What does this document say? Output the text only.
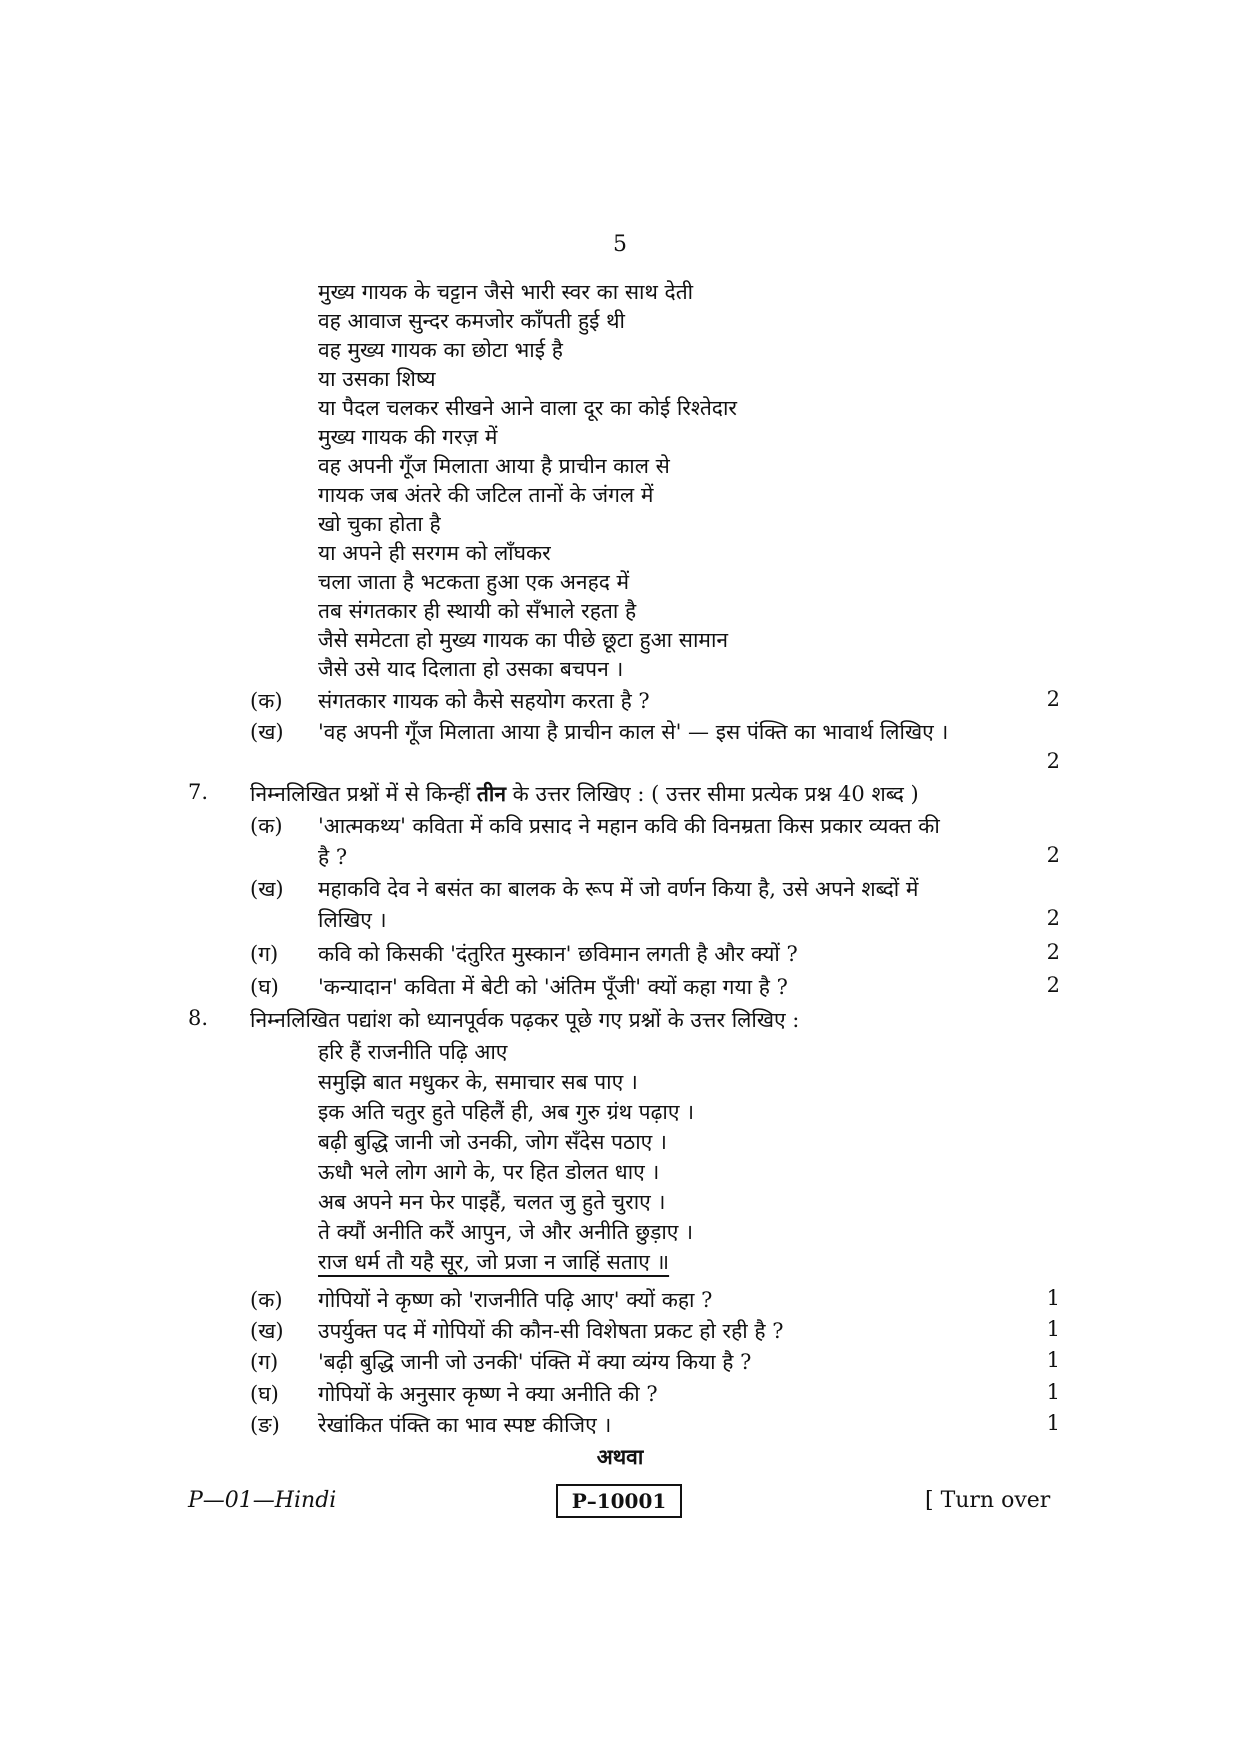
5
मुख्य गायक के चट्टान जैसे भारी स्वर का साथ देती
वह आवाज सुन्दर कमजोर काँपती हुई थी
वह मुख्य गायक का छोटा भाई है
या उसका शिष्य
या पैदल चलकर सीखने आने वाला दूर का कोई रिश्तेदार
मुख्य गायक की गरज़ में
वह अपनी गूँज मिलाता आया है प्राचीन काल से
गायक जब अंतरे की जटिल तानों के जंगल में
खो चुका होता है
या अपने ही सरगम को लाँघकर
चला जाता है भटकता हुआ एक अनहद में
तब संगतकार ही स्थायी को सँभाले रहता है
जैसे समेटता हो मुख्य गायक का पीछे छूटा हुआ सामान
जैसे उसे याद दिलाता हो उसका बचपन ।
(क) संगतकार गायक को कैसे सहयोग करता है ?	2
(ख) 'वह अपनी गूँज मिलाता आया है प्राचीन काल से' — इस पंक्ति का भावार्थ लिखिए ।
2
7. निम्नलिखित प्रश्नों में से किन्हीं तीन के उत्तर लिखिए : ( उत्तर सीमा प्रत्येक प्रश्न 40 शब्द )
(क) 'आत्मकथ्य' कविता में कवि प्रसाद ने महान कवि की विनम्रता किस प्रकार व्यक्त की
है ?	2
(ख) महाकवि देव ने बसंत का बालक के रूप में जो वर्णन किया है, उसे अपने शब्दों में
लिखिए ।	2
(ग) कवि को किसकी 'दंतुरित मुस्कान' छविमान लगती है और क्यों ?	2
(घ) 'कन्यादान' कविता में बेटी को 'अंतिम पूँजी' क्यों कहा गया है ?	2
8. निम्नलिखित पद्यांश को ध्यानपूर्वक पढ़कर पूछे गए प्रश्नों के उत्तर लिखिए :
हरि हैं राजनीति पढ़ि आए
समुझि बात मधुकर के, समाचार सब पाए ।
इक अति चतुर हुते पहिलैं ही, अब गुरु ग्रंथ पढ़ाए ।
बढ़ी बुद्धि जानी जो उनकी, जोग सँदेस पठाए ।
ऊधौ भले लोग आगे के, पर हित डोलत धाए ।
अब अपने मन फेर पाइहैं, चलत जु हुते चुराए ।
ते क्यौं अनीति करैं आपुन, जे और अनीति छुड़ाए ।
राज धर्म तौ यहै सूर, जो प्रजा न जाहिं सताए ॥
(क) गोपियों ने कृष्ण को 'राजनीति पढ़ि आए' क्यों कहा ?	1
(ख) उपर्युक्त पद में गोपियों की कौन-सी विशेषता प्रकट हो रही है ?	1
(ग) 'बढ़ी बुद्धि जानी जो उनकी' पंक्ति में क्या व्यंग्य किया है ?	1
(घ) गोपियों के अनुसार कृष्ण ने क्या अनीति की ?	1
(ङ) रेखांकित पंक्ति का भाव स्पष्ट कीजिए ।	1
अथवा
P—01—Hindi	P–10001	[ Turn over
